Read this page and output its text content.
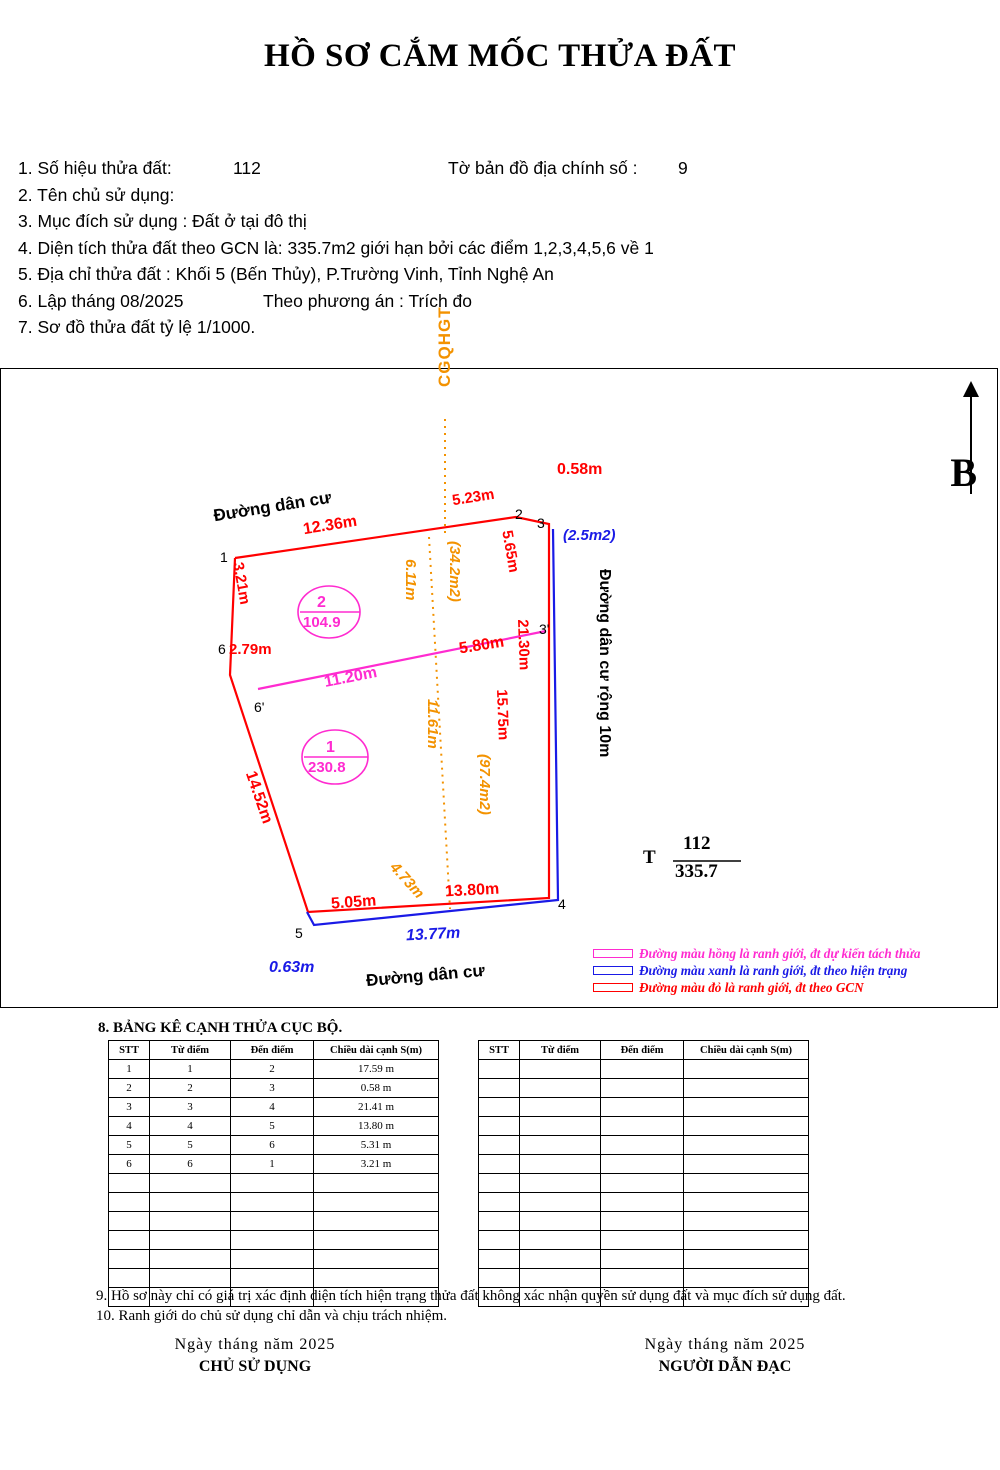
HỒ SƠ CẮM MỐC THỬA ĐẤT
1. Số hiệu thửa đất:	112	Tờ bản đồ địa chính số : 9
2. Tên chủ sử dụng:
3. Mục đích sử dụng : Đất ở tại đô thị
4. Diện tích thửa đất theo GCN là: 335.7m2 giới hạn bởi các điểm 1,2,3,4,5,6 về 1
5. Địa chỉ thửa đất : Khối 5 (Bến Thủy), P.Trường Vinh, Tỉnh Nghệ An
6. Lập tháng 08/2025	Theo phương án : Trích đo
7. Sơ đồ thửa đất tỷ lệ 1/1000.
B
Đường dân cư
Đường dân cư
Đường dân cư rộng 10m
CGQHGT
1
2
3
3'
4
5
6
6'
2
104.9
1
230.8
12.36m
5.23m
0.58m
5.65m
21.30m
3.21m
2.79m
14.52m
5.05m
13.80m
15.75m
5.80m
13.77m
0.63m
(2.5m2)
6.11m (34.2m2)
11.61m
(97.4m2)
4.73m
11.20m
T
112
335.7
Đường màu hồng là ranh giới, đt dự kiến tách thửa
Đường màu xanh là ranh giới, đt theo hiện trạng
Đường màu đỏ là ranh giới, đt theo GCN
8. BẢNG KÊ CẠNH THỬA CỤC BỘ.
STT	Từ điểm	Đến điểm	Chiều dài cạnh S(m)
1	1	2	17.59 m
2	2	3	0.58 m
3	3	4	21.41 m
4	4	5	13.80 m
5	5	6	5.31 m
6	6	1	3.21 m

STT	Từ điểm	Đến điểm	Chiều dài cạnh S(m)

9. Hồ sơ này chỉ có giá trị xác định diện tích hiện trạng thửa đất không xác nhận quyền sử dụng đất và mục đích sử dụng đất.
10. Ranh giới do chủ sử dụng chỉ dẫn và chịu trách nhiệm.
Ngày tháng năm 2025
CHỦ SỬ DỤNG
Ngày tháng năm 2025
NGƯỜI DẪN ĐẠC
